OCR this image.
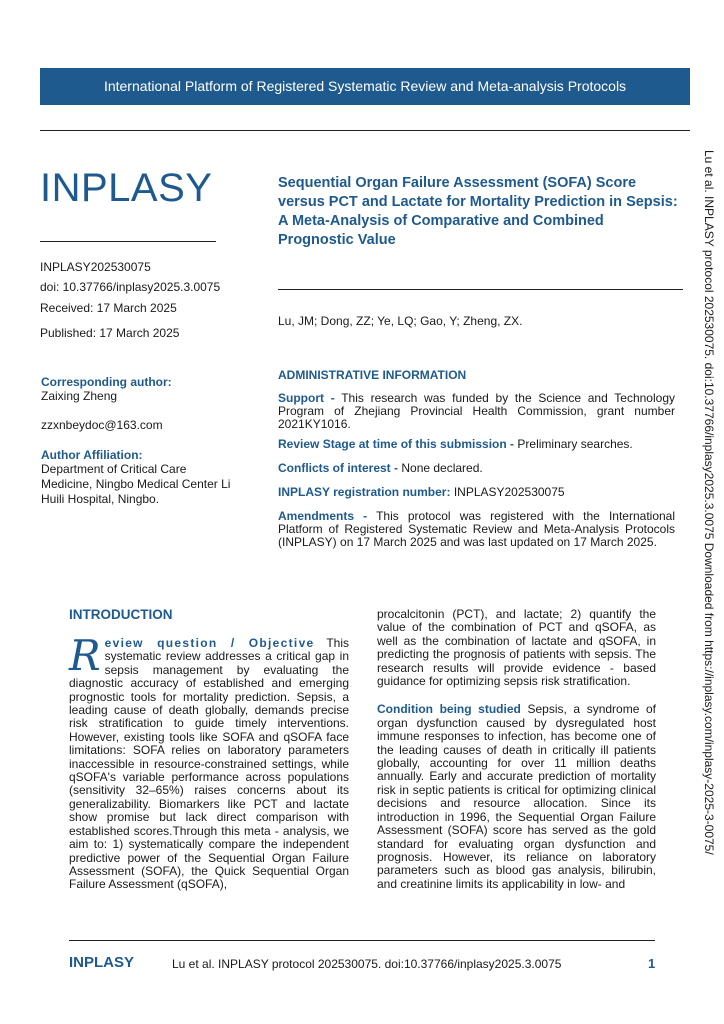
International Platform of Registered Systematic Review and Meta-analysis Protocols
INPLASY	Sequential Organ Failure Assessment (SOFA) Score versus PCT and Lactate for Mortality Prediction in Sepsis: A Meta-Analysis of Comparative and Combined Prognostic Value
INPLASY202530075
doi: 10.37766/inplasy2025.3.0075
Received: 17 March 2025
Published: 17 March 2025
Lu, JM; Dong, ZZ; Ye, LQ; Gao, Y; Zheng, ZX.
Corresponding author:
Zaixing Zheng
zzxnbeydoc@163.com
Author Affiliation:
Department of Critical Care Medicine, Ningbo Medical Center Li Huili Hospital, Ningbo.
ADMINISTRATIVE INFORMATION
Support - This research was funded by the Science and Technology Program of Zhejiang Provincial Health Commission, grant number 2021KY1016.
Review Stage at time of this submission - Preliminary searches.
Conflicts of interest - None declared.
INPLASY registration number: INPLASY202530075
Amendments - This protocol was registered with the International Platform of Registered Systematic Review and Meta-Analysis Protocols (INPLASY) on 17 March 2025 and was last updated on 17 March 2025.
INTRODUCTION
Review question / Objective This systematic review addresses a critical gap in sepsis management by evaluating the diagnostic accuracy of established and emerging prognostic tools for mortality prediction. Sepsis, a leading cause of death globally, demands precise risk stratification to guide timely interventions. However, existing tools like SOFA and qSOFA face limitations: SOFA relies on laboratory parameters inaccessible in resource-constrained settings, while qSOFA's variable performance across populations (sensitivity 32–65%) raises concerns about its generalizability. Biomarkers like PCT and lactate show promise but lack direct comparison with established scores.Through this meta - analysis, we aim to: 1) systematically compare the independent predictive power of the Sequential Organ Failure Assessment (SOFA), the Quick Sequential Organ Failure Assessment (qSOFA),
procalcitonin (PCT), and lactate; 2) quantify the value of the combination of PCT and qSOFA, as well as the combination of lactate and qSOFA, in predicting the prognosis of patients with sepsis. The research results will provide evidence - based guidance for optimizing sepsis risk stratification.
Condition being studied Sepsis, a syndrome of organ dysfunction caused by dysregulated host immune responses to infection, has become one of the leading causes of death in critically ill patients globally, accounting for over 11 million deaths annually. Early and accurate prediction of mortality risk in septic patients is critical for optimizing clinical decisions and resource allocation. Since its introduction in 1996, the Sequential Organ Failure Assessment (SOFA) score has served as the gold standard for evaluating organ dysfunction and prognosis. However, its reliance on laboratory parameters such as blood gas analysis, bilirubin, and creatinine limits its applicability in low- and
INPLASY	Lu et al. INPLASY protocol 202530075. doi:10.37766/inplasy2025.3.0075	1
Lu et al. INPLASY protocol 202530075. doi:10.37766/inplasy2025.3.0075 Downloaded from https://inplasy.com/inplasy-2025-3-0075/
